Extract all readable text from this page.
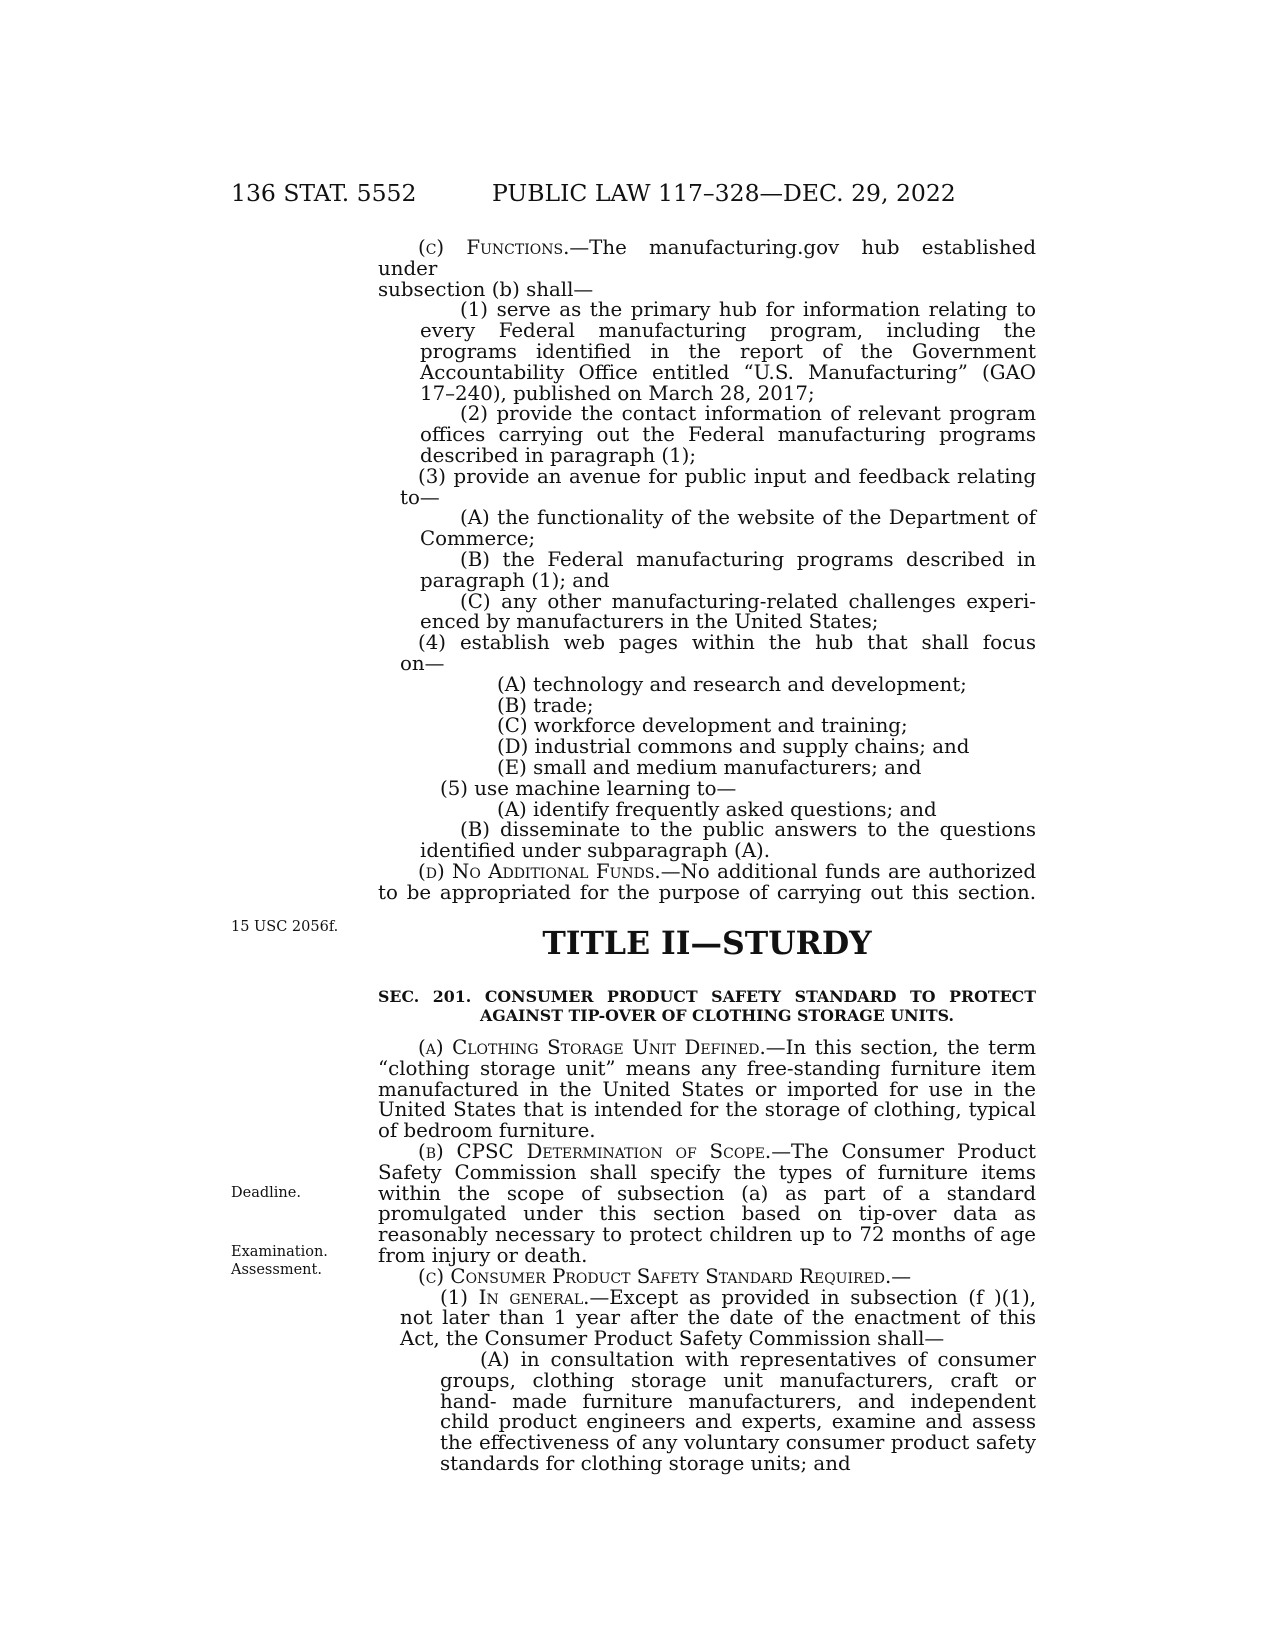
136 STAT. 5552	PUBLIC LAW 117–328—DEC. 29, 2022
15 USC 2056f.
Deadline.
Examination.
Assessment.

(c) Functions.—The manufacturing.gov hub established under

subsection (b) shall—

(1) serve as the primary hub for information relating to

every Federal manufacturing program, including the programs identified in the report of the Government Accountability Office entitled “U.S. Manufacturing” (GAO 17–240), published on March 28, 2017;

(2) provide the contact information of relevant program offices carrying out the Federal manufacturing programs described in paragraph (1);

(3) provide an avenue for public input and feedback relating

to—

(A) the functionality of the website of the Department of Commerce;

(B) the Federal manufacturing programs described in paragraph (1); and

(C) any other manufacturing-related challenges experi- enced by manufacturers in the United States;

(4) establish web pages within the hub that shall focus

on—

(A) technology and research and development;

(B) trade;

(C) workforce development and training;

(D) industrial commons and supply chains; and

(E) small and medium manufacturers; and

(5) use machine learning to—

(A) identify frequently asked questions; and

(B) disseminate to the public answers to the questions identified under subparagraph (A).

(d) No Additional Funds.—No additional funds are authorized

to be appropriated for the purpose of carrying out this section.

TITLE II—STURDY
SEC. 201. CONSUMER PRODUCT SAFETY STANDARD TO PROTECT
AGAINST TIP-OVER OF CLOTHING STORAGE UNITS.

(a) Clothing Storage Unit Defined.—In this section, the term “clothing storage unit” means any free-standing furniture item manufactured in the United States or imported for use in the United States that is intended for the storage of clothing, typical of bedroom furniture.

(b) CPSC Determination of Scope.—The Consumer Product Safety Commission shall specify the types of furniture items within the scope of subsection (a) as part of a standard promulgated under this section based on tip-over data as reasonably necessary to protect children up to 72 months of age from injury or death.

(c) Consumer Product Safety Standard Required.—

(1) In general.—Except as provided in subsection (f )(1), not later than 1 year after the date of the enactment of this Act, the Consumer Product Safety Commission shall—

(A) in consultation with representatives of consumer groups, clothing storage unit manufacturers, craft or hand- made furniture manufacturers, and independent child product engineers and experts, examine and assess the effectiveness of any voluntary consumer product safety standards for clothing storage units; and
